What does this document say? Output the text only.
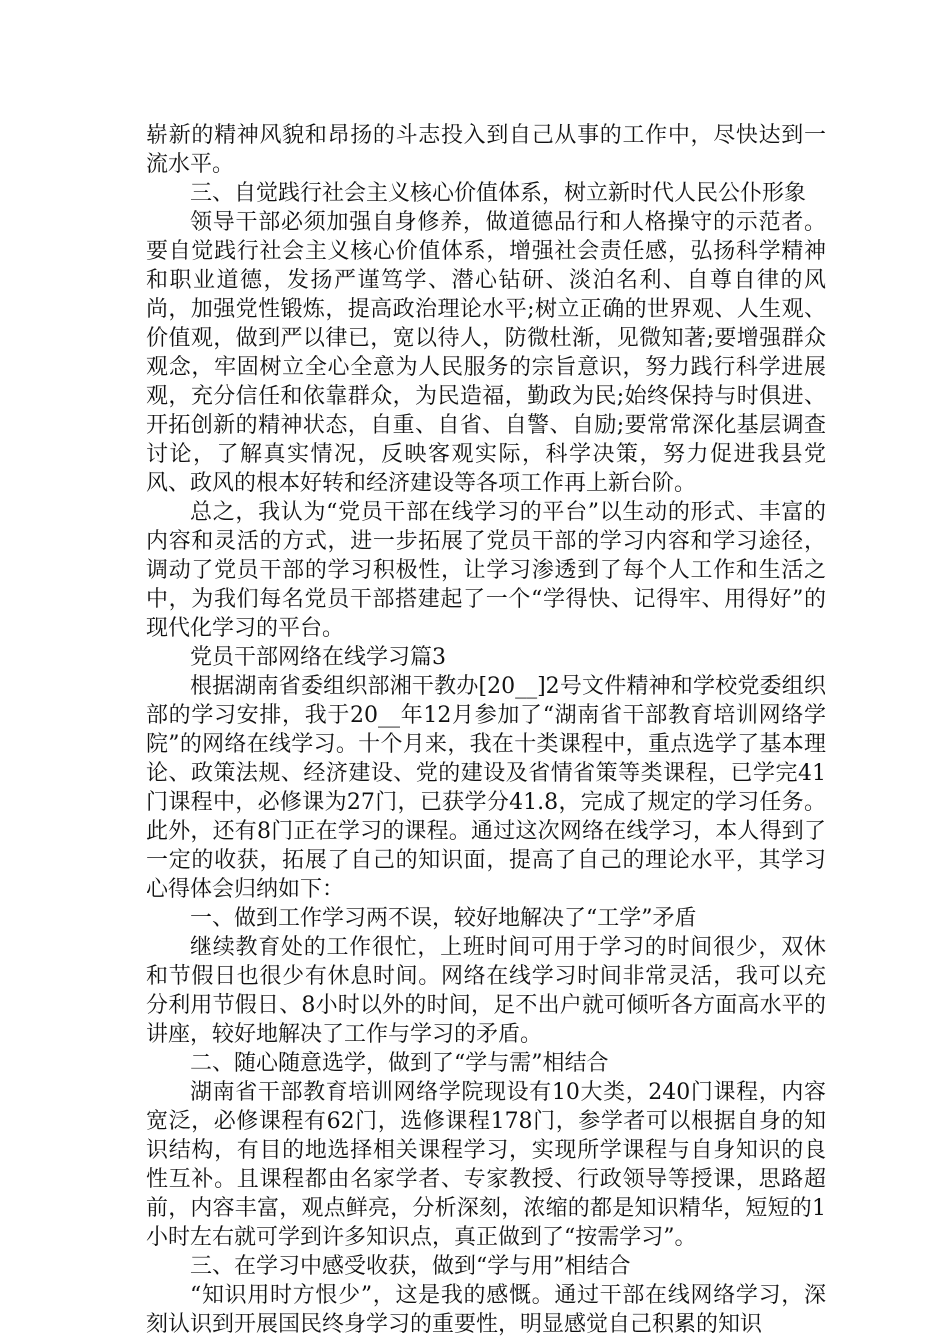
崭新的精神风貌和昂扬的斗志投入到自己从事的工作中，尽快达到一流水平。

三、自觉践行社会主义核心价值体系，树立新时代人民公仆形象

领导干部必须加强自身修养，做道德品行和人格操守的示范者。要自觉践行社会主义核心价值体系，增强社会责任感，弘扬科学精神和职业道德，发扬严谨笃学、潜心钻研、淡泊名利、自尊自律的风尚，加强党性锻炼，提高政治理论水平;树立正确的世界观、人生观、价值观，做到严以律已，宽以待人，防微杜渐，见微知著;要增强群众观念，牢固树立全心全意为人民服务的宗旨意识，努力践行科学进展观，充分信任和依靠群众，为民造福，勤政为民;始终保持与时俱进、开拓创新的精神状态，自重、自省、自警、自励;要常常深化基层调查讨论，了解真实情况，反映客观实际，科学决策，努力促进我县党风、政风的根本好转和经济建设等各项工作再上新台阶。

总之，我认为“党员干部在线学习的平台”以生动的形式、丰富的内容和灵活的方式，进一步拓展了党员干部的学习内容和学习途径，调动了党员干部的学习积极性，让学习渗透到了每个人工作和生活之中，为我们每名党员干部搭建起了一个“学得快、记得牢、用得好”的现代化学习的平台。

党员干部网络在线学习篇3

根据湖南省委组织部湘干教办[20__]2号文件精神和学校党委组织部的学习安排，我于20__年12月参加了“湖南省干部教育培训网络学院”的网络在线学习。十个月来，我在十类课程中，重点选学了基本理论、政策法规、经济建设、党的建设及省情省策等类课程，已学完41门课程中，必修课为27门，已获学分41.8，完成了规定的学习任务。此外，还有8门正在学习的课程。通过这次网络在线学习，本人得到了一定的收获，拓展了自己的知识面，提高了自己的理论水平，其学习心得体会归纳如下：

一、做到工作学习两不误，较好地解决了“工学”矛盾

继续教育处的工作很忙，上班时间可用于学习的时间很少，双休和节假日也很少有休息时间。网络在线学习时间非常灵活，我可以充分利用节假日、8小时以外的时间，足不出户就可倾听各方面高水平的讲座，较好地解决了工作与学习的矛盾。

二、随心随意选学，做到了“学与需”相结合

湖南省干部教育培训网络学院现设有10大类，240门课程，内容宽泛，必修课程有62门，选修课程178门，参学者可以根据自身的知识结构，有目的地选择相关课程学习，实现所学课程与自身知识的良性互补。且课程都由名家学者、专家教授、行政领导等授课，思路超前，内容丰富，观点鲜亮，分析深刻，浓缩的都是知识精华，短短的1小时左右就可学到许多知识点，真正做到了“按需学习”。

三、在学习中感受收获，做到“学与用”相结合

“知识用时方恨少”，这是我的感慨。通过干部在线网络学习，深刻认识到开展国民终身学习的重要性，明显感觉自己积累的知识
